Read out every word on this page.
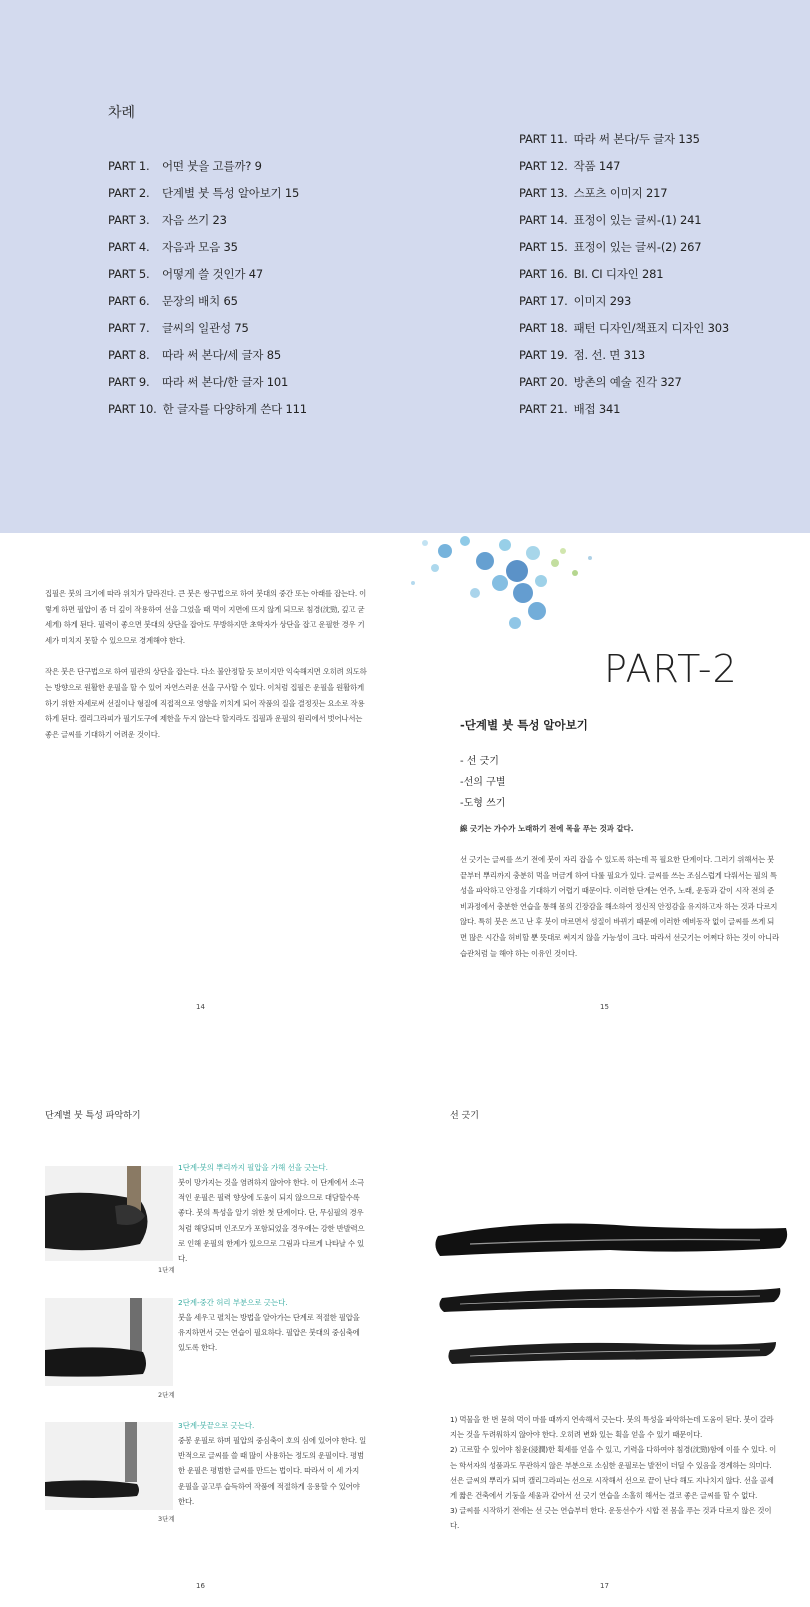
차례
PART 1. 어떤 붓을 고를까? 9
PART 2. 단계별 붓 특성 알아보기 15
PART 3. 자음 쓰기 23
PART 4. 자음과 모음 35
PART 5. 어떻게 쓸 것인가 47
PART 6. 문장의 배치 65
PART 7. 글씨의 일관성 75
PART 8. 따라 써 본다/세 글자 85
PART 9. 따라 써 본다/한 글자 101
PART 10. 한 글자를 다양하게 쓴다 111
PART 11. 따라 써 본다/두 글자 135
PART 12. 작품 147
PART 13. 스포츠 이미지 217
PART 14. 표정이 있는 글씨-(1) 241
PART 15. 표정이 있는 글씨-(2) 267
PART 16. BI. CI 디자인 281
PART 17. 이미지 293
PART 18. 패턴 디자인/책표지 디자인 303
PART 19. 점. 선. 면 313
PART 20. 방촌의 예술 진각 327
PART 21. 배접 341

집필은 붓의 크기에 따라 위치가 달라진다. 큰 붓은 쌍구법으로 하여 붓대의 중간 또는 아래를 잡는다. 이렇게 하면 필압이 좀 더 깊이 작용하여 선을 그었을 때 먹이 지면에 뜨지 않게 되므로 침경(沈勁, 깊고 굳세게) 하게 된다. 필력이 좋으면 붓대의 상단을 잡아도 무방하지만 초학자가 상단을 잡고 운필한 경우 기세가 미치지 못할 수 있으므로 경계해야 한다.

작은 붓은 단구법으로 하여 필관의 상단을 잡는다. 다소 불안정할 듯 보이지만 익숙해지면 오히려 의도하는 방향으로 원활한 운필을 할 수 있어 자연스러운 선을 구사할 수 있다. 이처럼 집필은 운필을 원활하게 하기 위한 자세로써 선질이나 형질에 직접적으로 영향을 끼치게 되어 작품의 질을 결정짓는 요소로 작용하게 된다. 캘리그라피가 필기도구에 제한을 두지 않는다 할지라도 집필과 운필의 원리에서 벗어나서는 좋은 글씨를 기대하기 어려운 것이다.

14
PART-2
-단계별 붓 특성 알아보기
- 선 긋기
-선의 구별
-도형 쓰기
線 긋기는 가수가 노래하기 전에 목을 푸는 것과 같다.

선 긋기는 글씨를 쓰기 전에 붓이 자리 잡을 수 있도록 하는데 꼭 필요한 단계이다. 그러기 위해서는 붓 끝부터 뿌리까지 충분히 먹을 머금게 하여 다룰 필요가 있다. 글씨를 쓰는 조심스럽게 다뤄서는 필의 특성을 파악하고 안정을 기대하기 어렵기 때문이다. 이러한 단계는 연주, 노래, 운동과 같이 시작 전의 준비과정에서 충분한 연습을 통해 몸의 긴장감을 해소하여 정신적 안정감을 유지하고자 하는 것과 다르지 않다. 특히 붓은 쓰고 난 후 붓이 마르면서 성질이 바뀌기 때문에 이러한 예비동작 없이 글씨를 쓰게 되면 많은 시간을 허비할 뿐 뜻대로 써지지 않을 가능성이 크다. 따라서 선긋기는 어쩌다 하는 것이 아니라 습관처럼 늘 해야 하는 이유인 것이다.

15
단계별 붓 특성 파악하기
1단계
1단계-붓의 뿌리까지 필압을 가해 선을 긋는다.

붓이 망가지는 것을 염려하지 않아야 한다. 이 단계에서 소극적인 운필은 필력 향상에 도움이 되지 않으므로 대담할수록 좋다. 붓의 특성을 알기 위한 첫 단계이다. 단, 무심필의 경우처럼 해당되며 인조모가 포함되었을 경우에는 강한 반발력으로 인해 운필의 한계가 있으므로 그림과 다르게 나타날 수 있다.

2단계
2단계-중간 허리 부분으로 긋는다.

붓을 세우고 펼치는 방법을 알아가는 단계로 적절한 필압을 유지하면서 긋는 연습이 필요하다. 필압은 붓대의 중심축에 있도록 한다.

3단계
3단계-붓끝으로 긋는다.

중봉 운필로 하며 필압의 중심축이 호의 심에 있어야 한다. 일반적으로 글씨를 쓸 때 많이 사용하는 정도의 운필이다. 평범한 운필은 평범한 글씨를 만드는 법이다. 따라서 이 세 가지 운필을 골고루 습득하여 작품에 적절하게 응용할 수 있어야 한다.

16
선 긋기
1) 먹물을 한 번 묻혀 먹이 마를 때까지 연속해서 긋는다. 붓의 특성을 파악하는데 도움이 된다. 붓이 갈라지는 것을 두려워하지 않아야 한다. 오히려 변화 있는 획을 얻을 수 있기 때문이다.
2) 고르할 수 있어야 침윤(浸潤)한 획세를 얻을 수 있고, 기력을 다하여야 침경(沈勁)함에 이를 수 있다. 이는 학서자의 성품과도 무관하지 않은 부분으로 소심한 운필로는 발전이 더딜 수 있음을 경계하는 의미다. 선은 글씨의 뿌리가 되며 캘리그라피는 선으로 시작해서 선으로 끝이 난다 해도 지나치지 않다. 선을 골세게 짧은 건축에서 기둥을 세움과 같아서 선 긋기 연습을 소홀히 해서는 결코 좋은 글씨를 할 수 없다.
3) 글씨를 시작하기 전에는 선 긋는 연습부터 한다. 운동선수가 시합 전 몸을 푸는 것과 다르지 않은 것이다.
17
